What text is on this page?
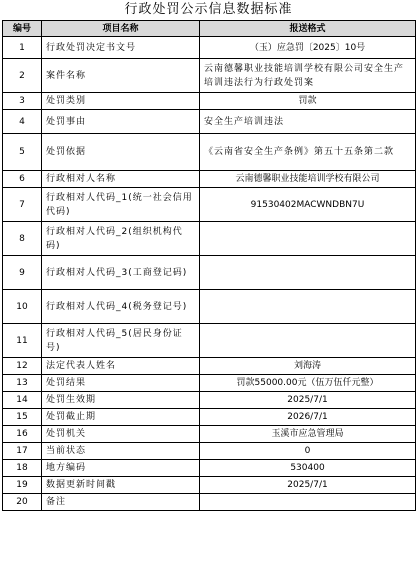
行政处罚公示信息数据标准
编号	项目名称	报送格式
1	行政处罚决定书文号	（玉）应急罚〔2025〕10号
2	案件名称	云南德馨职业技能培训学校有限公司安全生产培训违法行为行政处罚案
3	处罚类别	罚款
4	处罚事由	安全生产培训违法
5	处罚依据	《云南省安全生产条例》第五十五条第二款
6	行政相对人名称	云南德馨职业技能培训学校有限公司
7	行政相对人代码_1(统一社会信用代码)	91530402MACWNDBN7U
8	行政相对人代码_2(组织机构代码)	
9	行政相对人代码_3(工商登记码)	
10	行政相对人代码_4(税务登记号)	
11	行政相对人代码_5(居民身份证号)	
12	法定代表人姓名	刘海涛
13	处罚结果	罚款55000.00元（伍万伍仟元整）
14	处罚生效期	2025/7/1
15	处罚截止期	2026/7/1
16	处罚机关	玉溪市应急管理局
17	当前状态	0
18	地方编码	530400
19	数据更新时间戳	2025/7/1
20	备注	
